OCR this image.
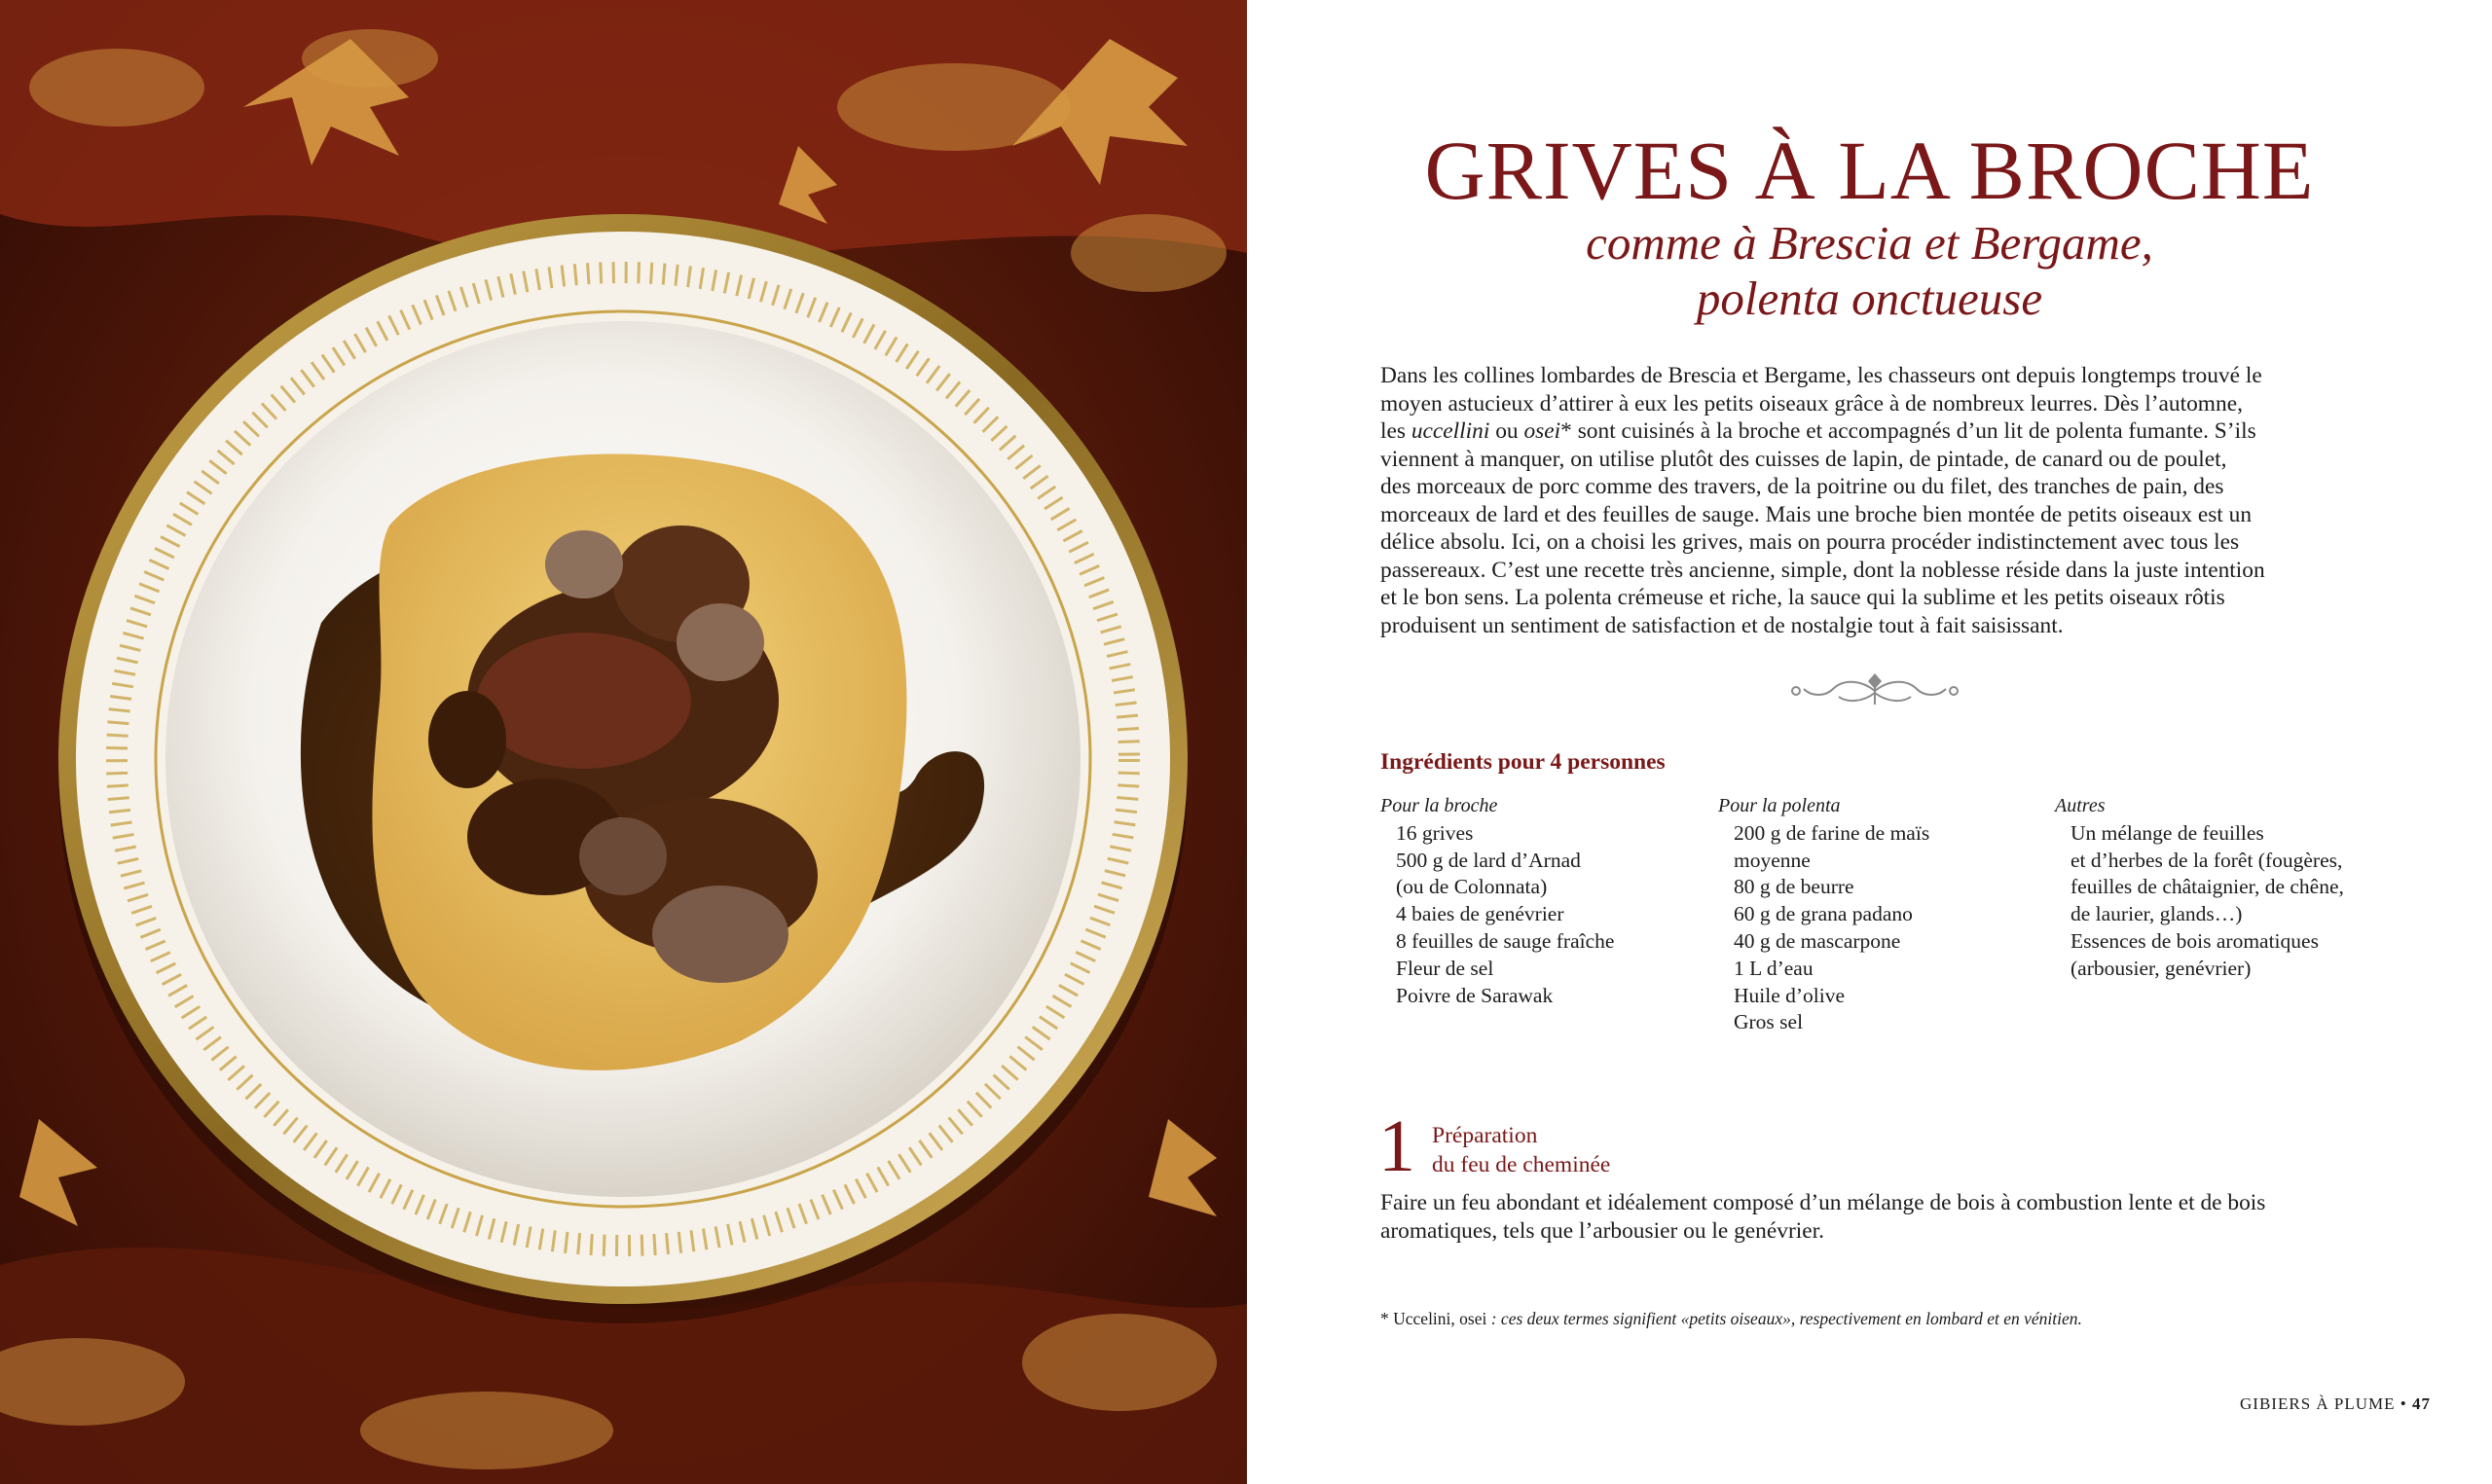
GRIVES À LA BROCHE
comme à Brescia et Bergame,
polenta onctueuse
Dans les collines lombardes de Brescia et Bergame, les chasseurs ont depuis longtemps trouvé le
moyen astucieux d’attirer à eux les petits oiseaux grâce à de nombreux leurres. Dès l’automne,
les uccellini ou osei* sont cuisinés à la broche et accompagnés d’un lit de polenta fumante. S’ils
viennent à manquer, on utilise plutôt des cuisses de lapin, de pintade, de canard ou de poulet,
des morceaux de porc comme des travers, de la poitrine ou du filet, des tranches de pain, des
morceaux de lard et des feuilles de sauge. Mais une broche bien montée de petits oiseaux est un
délice absolu. Ici, on a choisi les grives, mais on pourra procéder indistinctement avec tous les
passereaux. C’est une recette très ancienne, simple, dont la noblesse réside dans la juste intention
et le bon sens. La polenta crémeuse et riche, la sauce qui la sublime et les petits oiseaux rôtis
produisent un sentiment de satisfaction et de nostalgie tout à fait saisissant.
Ingrédients pour 4 personnes
Pour la broche
16 grives
500 g de lard d’Arnad
(ou de Colonnata)
4 baies de genévrier
8 feuilles de sauge fraîche
Fleur de sel
Poivre de Sarawak
Pour la polenta
200 g de farine de maïs
moyenne
80 g de beurre
60 g de grana padano
40 g de mascarpone
1 L d’eau
Huile d’olive
Gros sel
Autres
Un mélange de feuilles
et d’herbes de la forêt (fougères,
feuilles de châtaignier, de chêne,
de laurier, glands…)
Essences de bois aromatiques
(arbousier, genévrier)
1 Préparation
du feu de cheminée
Faire un feu abondant et idéalement composé d’un mélange de bois à combustion lente et de bois
aromatiques, tels que l’arbousier ou le genévrier.
* Uccelini, osei : ces deux termes signifient «petits oiseaux», respectivement en lombard et en vénitien.
GIBIERS À PLUME • 47
